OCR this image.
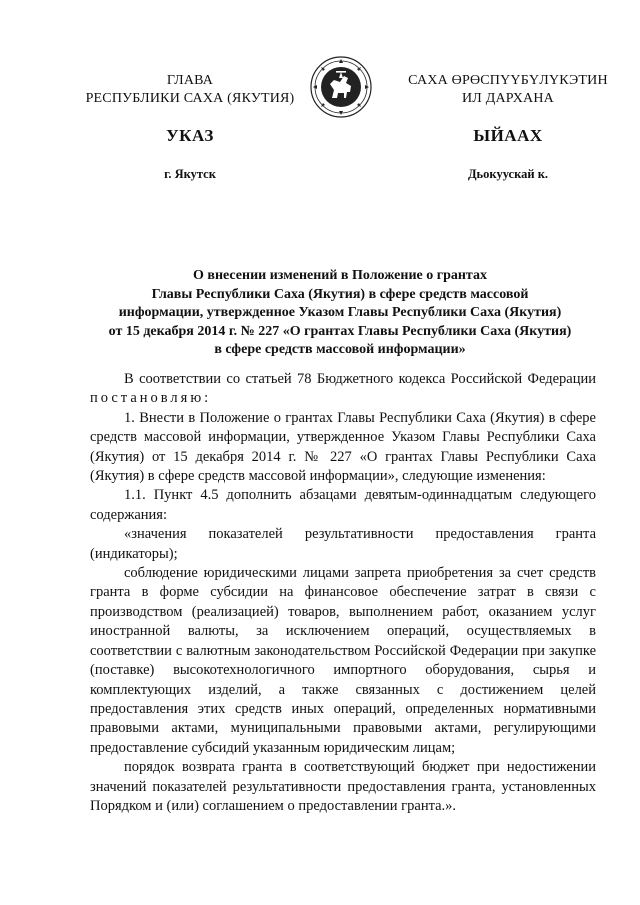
ГЛАВА
РЕСПУБЛИКИ САХА (ЯКУТИЯ)
САХА ӨРӨСПҮҮБҮЛҮКЭТИН
ИЛ ДАРХАНА
УКАЗ	ЫЙААХ
г. Якутск	Дьокуускай к.
О внесении изменений в Положение о грантах
Главы Республики Саха (Якутия) в сфере средств массовой
информации, утвержденное Указом Главы Республики Саха (Якутия)
от 15 декабря 2014 г. № 227 «О грантах Главы Республики Саха (Якутия)
в сфере средств массовой информации»

В соответствии со статьей 78 Бюджетного кодекса Российской Федерации постановляю:

1. Внести в Положение о грантах Главы Республики Саха (Якутия) в сфере средств массовой информации, утвержденное Указом Главы Республики Саха (Якутия) от 15 декабря 2014 г. № 227 «О грантах Главы Республики Саха (Якутия) в сфере средств массовой информации», следующие изменения:

1.1. Пункт 4.5 дополнить абзацами девятым-одиннадцатым следующего содержания:

«значения показателей результативности предоставления гранта (индикаторы);

соблюдение юридическими лицами запрета приобретения за счет средств гранта в форме субсидии на финансовое обеспечение затрат в связи с производством (реализацией) товаров, выполнением работ, оказанием услуг иностранной валюты, за исключением операций, осуществляемых в соответствии с валютным законодательством Российской Федерации при закупке (поставке) высокотехнологичного импортного оборудования, сырья и комплектующих изделий, а также связанных с достижением целей предоставления этих средств иных операций, определенных нормативными правовыми актами, муниципальными правовыми актами, регулирующими предоставление субсидий указанным юридическим лицам;

порядок возврата гранта в соответствующий бюджет при недостижении значений показателей результативности предоставления гранта, установленных Порядком и (или) соглашением о предоставлении гранта.».
